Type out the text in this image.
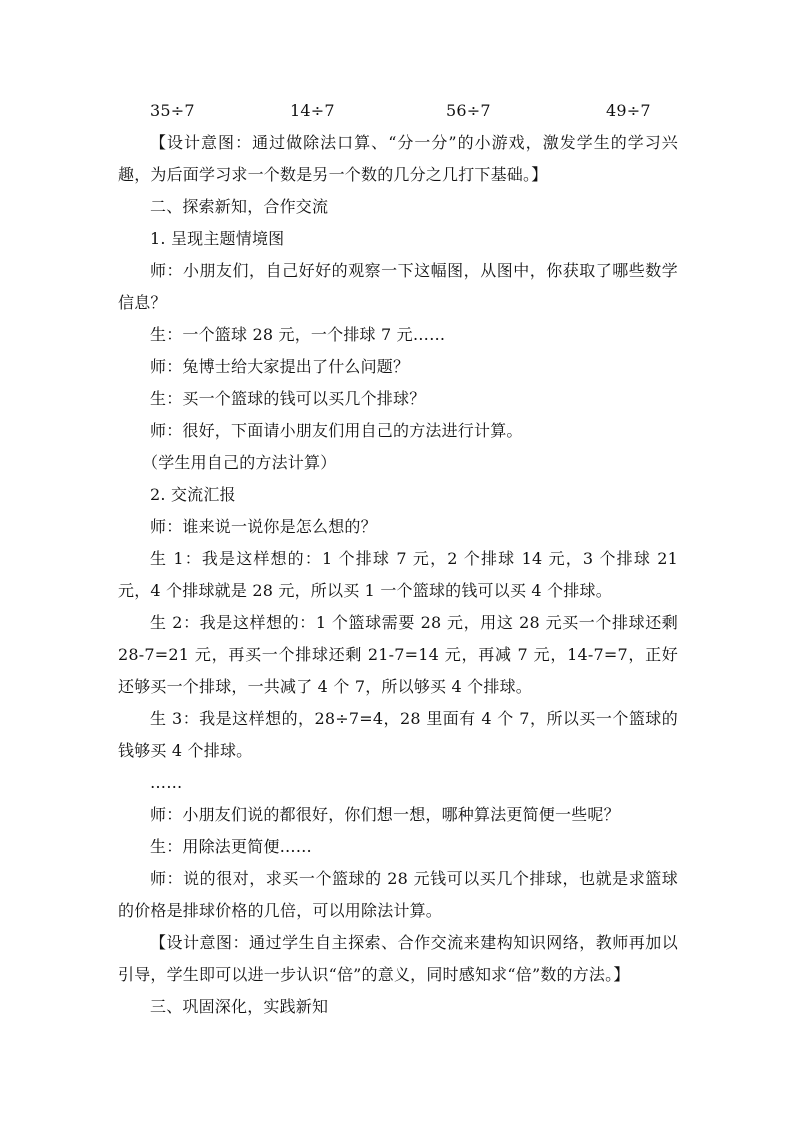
35÷7	14÷7	56÷7	49÷7

【设计意图：通过做除法口算、“分一分”的小游戏，激发学生的学习兴趣，为后面学习求一个数是另一个数的几分之几打下基础。】

二、探索新知，合作交流

1. 呈现主题情境图

师：小朋友们，自己好好的观察一下这幅图，从图中，你获取了哪些数学信息？

生：一个篮球 28 元，一个排球 7 元……

师：兔博士给大家提出了什么问题？

生：买一个篮球的钱可以买几个排球？

师：很好，下面请小朋友们用自己的方法进行计算。

（学生用自己的方法计算）

2. 交流汇报

师：谁来说一说你是怎么想的？

生 1：我是这样想的：1 个排球 7 元，2 个排球 14 元，3 个排球 21 元，4 个排球就是 28 元，所以买 1 一个篮球的钱可以买 4 个排球。

生 2：我是这样想的：1 个篮球需要 28 元，用这 28 元买一个排球还剩 28-7=21 元，再买一个排球还剩 21-7=14 元，再减 7 元，14-7=7，正好还够买一个排球，一共减了 4 个 7，所以够买 4 个排球。

生 3：我是这样想的，28÷7=4，28 里面有 4 个 7，所以买一个篮球的钱够买 4 个排球。

……

师：小朋友们说的都很好，你们想一想，哪种算法更简便一些呢？

生：用除法更简便……

师：说的很对，求买一个篮球的 28 元钱可以买几个排球，也就是求篮球的价格是排球价格的几倍，可以用除法计算。

【设计意图：通过学生自主探索、合作交流来建构知识网络，教师再加以引导，学生即可以进一步认识“倍”的意义，同时感知求“倍”数的方法。】

三、巩固深化，实践新知
